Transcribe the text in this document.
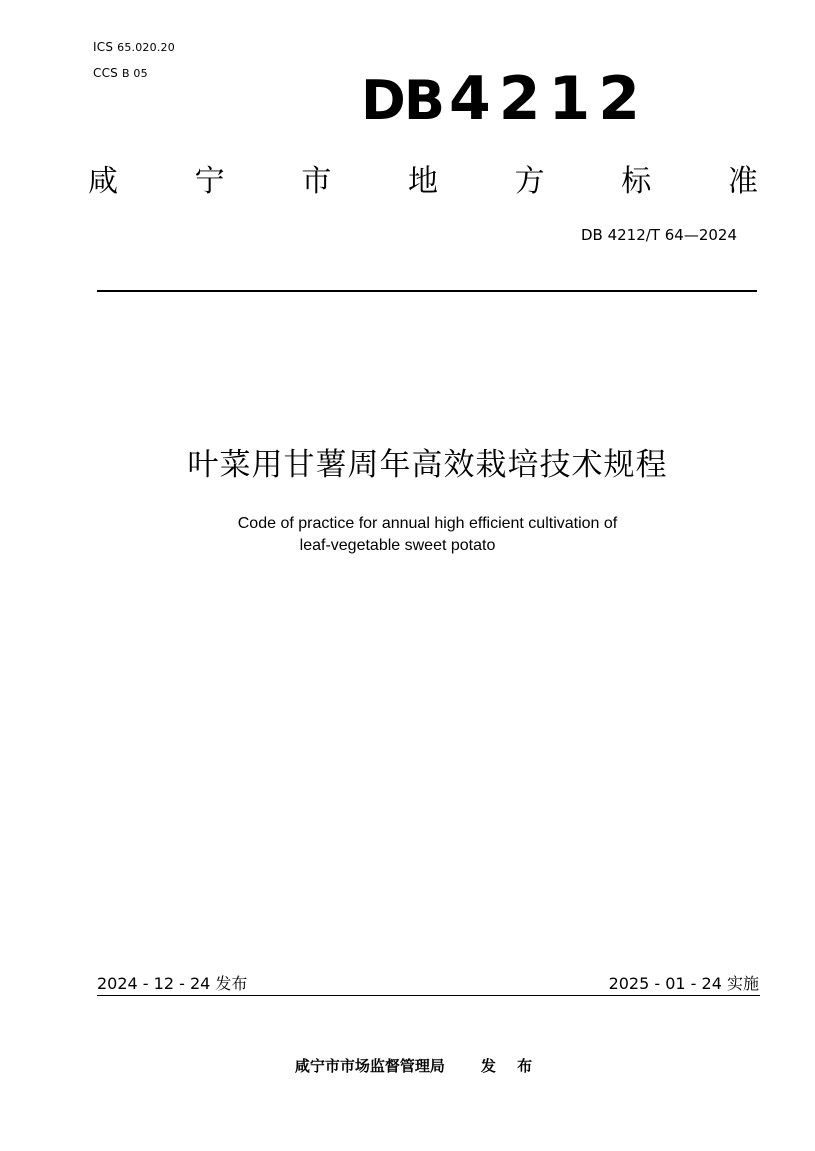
ICS 65.020.20
CCS B 05	DB 4212
咸	宁	市	地	方	标	准
DB 4212/T 64—2024
叶菜用甘薯周年高效栽培技术规程
Code of practice for annual high efficient cultivation of
leaf-vegetable sweet potato
2024 - 12 - 24 发布	2025 - 01 - 24 实施
咸宁市市场监督管理局 发 布
